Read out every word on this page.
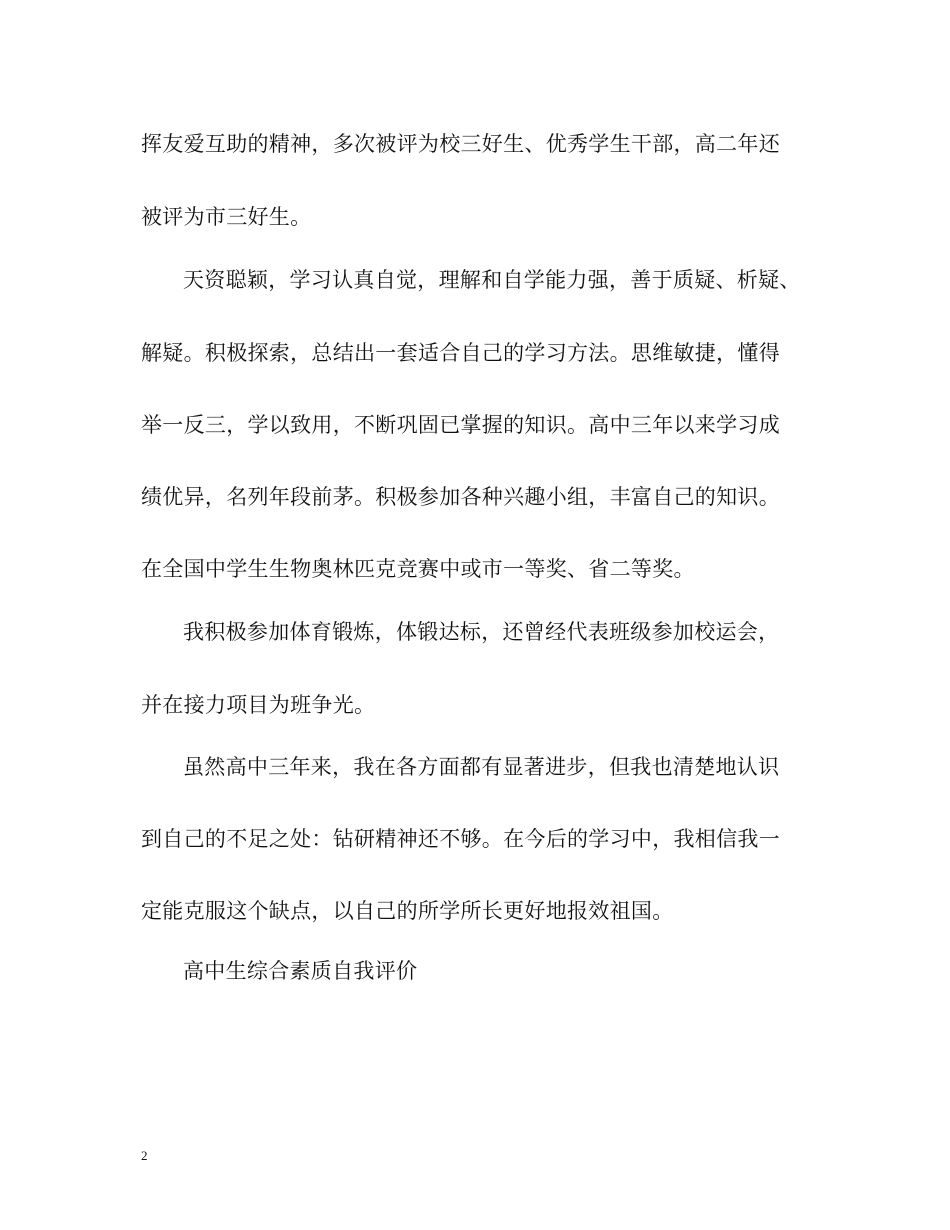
挥友爱互助的精神，多次被评为校三好生、优秀学生干部，高二年还
被评为市三好生。
天资聪颖，学习认真自觉，理解和自学能力强，善于质疑、析疑、
解疑。积极探索，总结出一套适合自己的学习方法。思维敏捷，懂得
举一反三，学以致用，不断巩固已掌握的知识。高中三年以来学习成
绩优异，名列年段前茅。积极参加各种兴趣小组，丰富自己的知识。
在全国中学生生物奥林匹克竞赛中或市一等奖、省二等奖。
我积极参加体育锻炼，体锻达标，还曾经代表班级参加校运会，
并在接力项目为班争光。
虽然高中三年来，我在各方面都有显著进步，但我也清楚地认识
到自己的不足之处：钻研精神还不够。在今后的学习中，我相信我一
定能克服这个缺点，以自己的所学所长更好地报效祖国。
高中生综合素质自我评价
2
